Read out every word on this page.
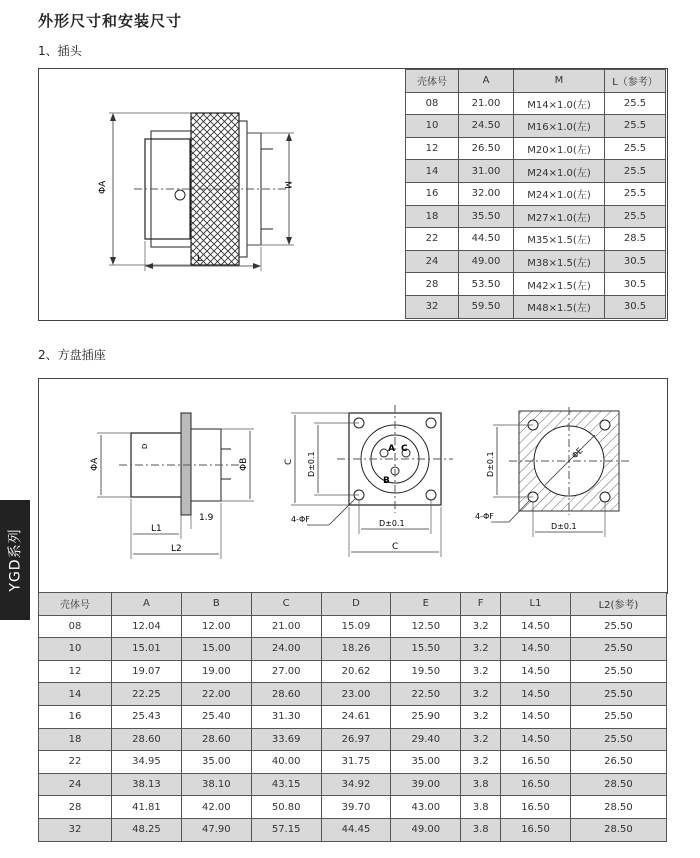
外形尺寸和安装尺寸
1、插头
2、方盘插座
YGD系列
ΦA	M
L
壳体号	A	M	L（参考）
08	21.00	M14×1.0(左)	25.5
10	24.50	M16×1.0(左)	25.5
12	26.50	M20×1.0(左)	25.5
14	31.00	M24×1.0(左)	25.5
16	32.00	M24×1.0(左)	25.5
18	35.50	M27×1.0(左)	25.5
22	44.50	M35×1.5(左)	28.5
24	49.00	M38×1.5(左)	30.5
28	53.50	M42×1.5(左)	30.5
32	59.50	M48×1.5(左)	30.5
D
ΦA	ΦB
L1
1.9
L2
A C
B
C D±0.1
D±0.1
C
4-ΦF
ΦE
D±0.1
D±0.1
4-ΦF
壳体号	A	B	C	D	E	F	L1	L2(参考)
08	12.04	12.00	21.00	15.09	12.50	3.2	14.50	25.50
10	15.01	15.00	24.00	18.26	15.50	3.2	14.50	25.50
12	19.07	19.00	27.00	20.62	19.50	3.2	14.50	25.50
14	22.25	22.00	28.60	23.00	22.50	3.2	14.50	25.50
16	25.43	25.40	31.30	24.61	25.90	3.2	14.50	25.50
18	28.60	28.60	33.69	26.97	29.40	3.2	14.50	25.50
22	34.95	35.00	40.00	31.75	35.00	3.2	16.50	26.50
24	38.13	38.10	43.15	34.92	39.00	3.8	16.50	28.50
28	41.81	42.00	50.80	39.70	43.00	3.8	16.50	28.50
32	48.25	47.90	57.15	44.45	49.00	3.8	16.50	28.50
